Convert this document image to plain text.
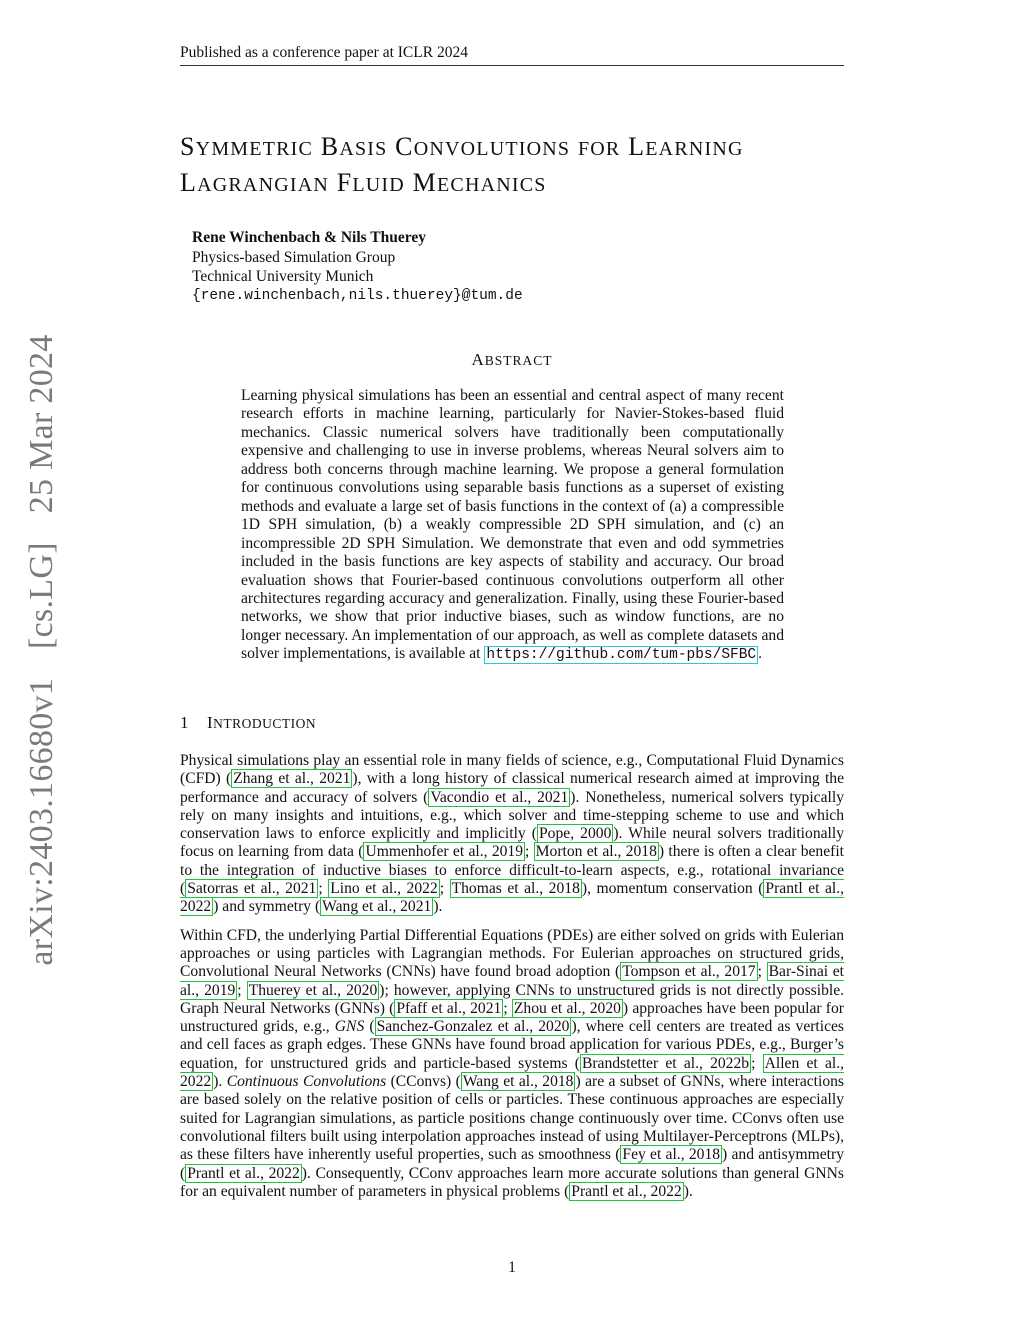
arXiv:2403.16680v1 [cs.LG] 25 Mar 2024
Published as a conference paper at ICLR 2024
SYMMETRIC BASIS CONVOLUTIONS FOR LEARNING
LAGRANGIAN FLUID MECHANICS
Rene Winchenbach & Nils Thuerey
Physics-based Simulation Group
Technical University Munich
{rene.winchenbach,nils.thuerey}@tum.de
ABSTRACT
Learning physical simulations has been an essential and central aspect of many recent research efforts in machine learning, particularly for Navier-Stokes-based fluid mechanics. Classic numerical solvers have traditionally been computationally expensive and challenging to use in inverse problems, whereas Neural solvers aim to address both concerns through machine learning. We propose a general formulation for continuous convolutions using separable basis functions as a superset of existing methods and evaluate a large set of basis functions in the context of (a) a compressible 1D SPH simulation, (b) a weakly compressible 2D SPH simulation, and (c) an incompressible 2D SPH Simulation. We demonstrate that even and odd symmetries included in the basis functions are key aspects of stability and accuracy. Our broad evaluation shows that Fourier-based continuous convolutions outperform all other architectures regarding accuracy and generalization. Finally, using these Fourier-based networks, we show that prior inductive biases, such as window functions, are no longer necessary. An implementation of our approach, as well as complete datasets and solver implementations, is available at https://github.com/tum-pbs/SFBC .
1 INTRODUCTION

Physical simulations play an essential role in many fields of science, e.g., Computational Fluid Dynamics (CFD) ( Zhang et al., 2021 ), with a long history of classical numerical research aimed at improving the performance and accuracy of solvers ( Vacondio et al., 2021 ). Nonetheless, numerical solvers typically rely on many insights and intuitions, e.g., which solver and time-stepping scheme to use and which conservation laws to enforce explicitly and implicitly ( Pope, 2000 ). While neural solvers traditionally focus on learning from data ( Ummenhofer et al., 2019 ; Morton et al., 2018 ) there is often a clear benefit to the integration of inductive biases to enforce difficult-to-learn aspects, e.g., rotational invariance ( Satorras et al., 2021 ; Lino et al., 2022 ; Thomas et al., 2018 ), momentum conservation ( Prantl et al., 2022 ) and symmetry ( Wang et al., 2021 ).

Within CFD, the underlying Partial Differential Equations (PDEs) are either solved on grids with Eulerian approaches or using particles with Lagrangian methods. For Eulerian approaches on structured grids, Convolutional Neural Networks (CNNs) have found broad adoption ( Tompson et al., 2017 ; Bar-Sinai et al., 2019 ; Thuerey et al., 2020 ); however, applying CNNs to unstructured grids is not directly possible. Graph Neural Networks (GNNs) ( Pfaff et al., 2021 ; Zhou et al., 2020 ) approaches have been popular for unstructured grids, e.g., GNS ( Sanchez-Gonzalez et al., 2020 ), where cell centers are treated as vertices and cell faces as graph edges. These GNNs have found broad application for various PDEs, e.g., Burger’s equation, for unstructured grids and particle-based systems ( Brandstetter et al., 2022b ; Allen et al., 2022 ). Continuous Convolutions (CConvs) ( Wang et al., 2018 ) are a subset of GNNs, where interactions are based solely on the relative position of cells or particles. These continuous approaches are especially suited for Lagrangian simulations, as particle positions change continuously over time. CConvs often use convolutional filters built using interpolation approaches instead of using Multilayer-Perceptrons (MLPs), as these filters have inherently useful properties, such as smoothness ( Fey et al., 2018 ) and antisymmetry ( Prantl et al., 2022 ). Consequently, CConv approaches learn more accurate solutions than general GNNs for an equivalent number of parameters in physical problems ( Prantl et al., 2022 ).

1
